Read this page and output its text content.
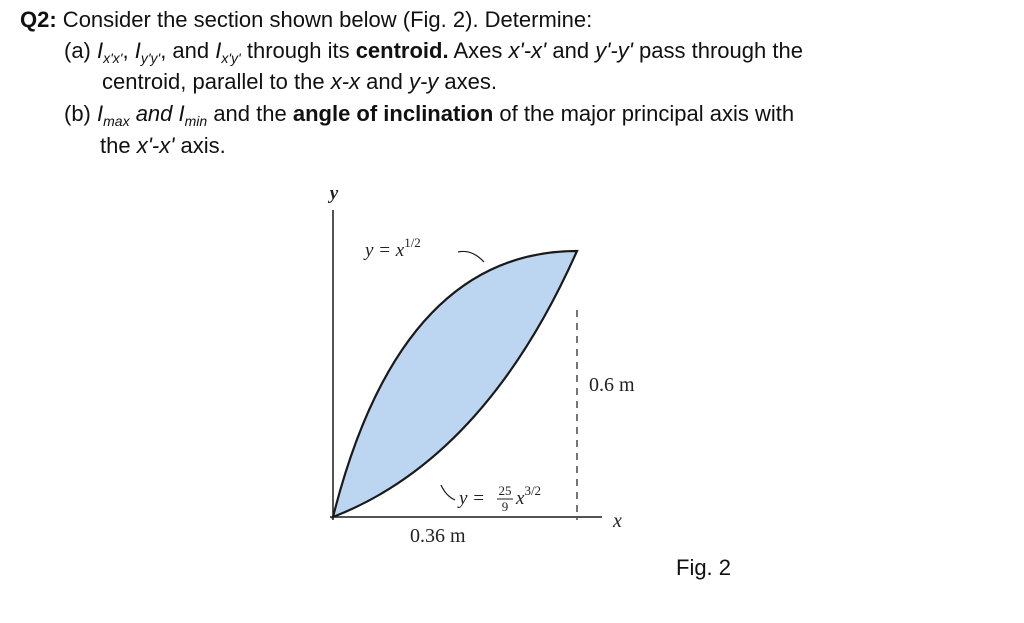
Q2: Consider the section shown below (Fig. 2). Determine:
(a) $I_{x'x'}$, $I_{y'y'}$, and $I_{x'y'}$ through its centroid. Axes x'-x' and y'-y' pass through the
centroid, parallel to the x-x and y-y axes.
(b) $I_{max}$ and $I_{min}$ and the angle of inclination of the major principal axis with
the x'-x' axis.
y
x
$y = x^{1/2}$
y = 25
9 $x^{3/2}$
0.6 m
0.36 m
Fig. 2
